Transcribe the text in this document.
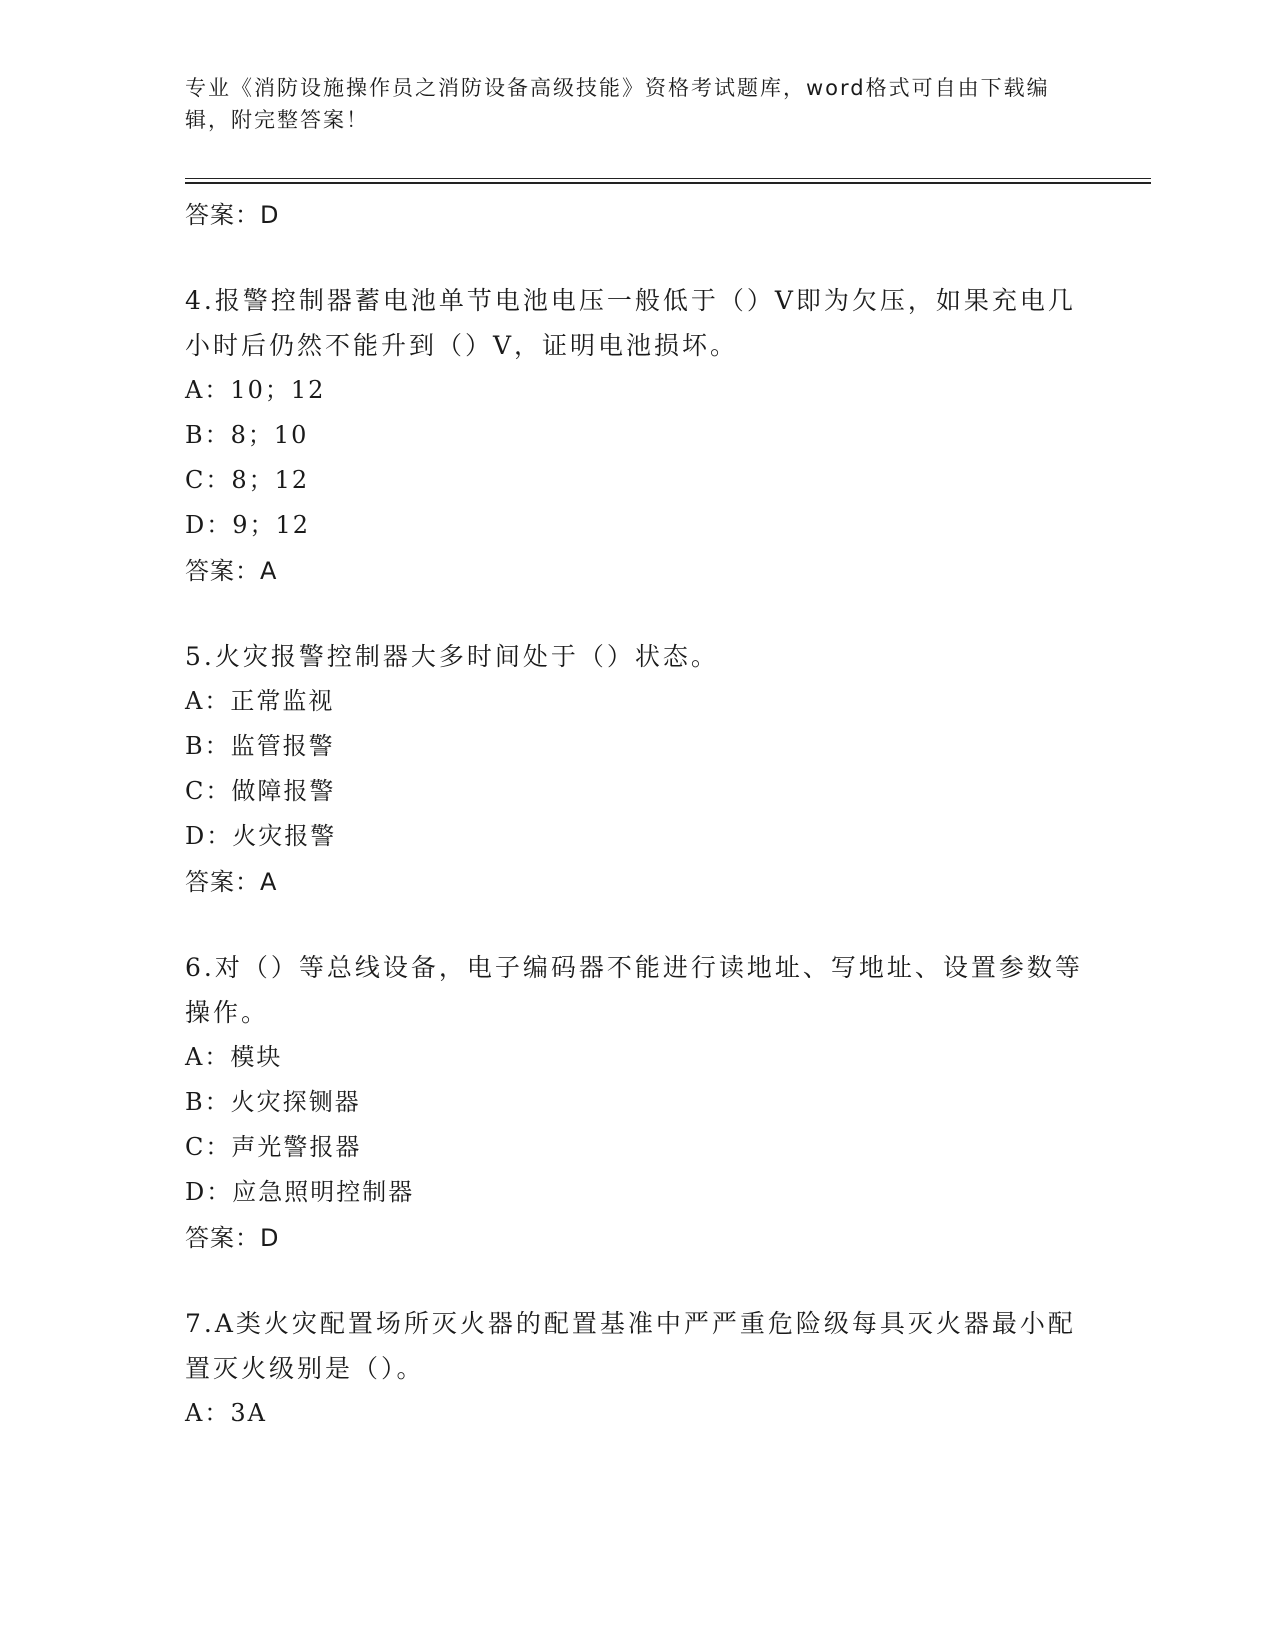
专业《消防设施操作员之消防设备高级技能》资格考试题库，word格式可自由下载编辑，附完整答案！
答案：D

4.报警控制器蓄电池单节电池电压一般低于（）V即为欠压，如果充电几小时后仍然不能升到（）V，证明电池损坏。

A：10；12
B：8；10
C：8；12
D：9；12
答案：A

5.火灾报警控制器大多时间处于（）状态。

A：正常监视
B：监管报警
C：做障报警
D：火灾报警
答案：A

6.对（）等总线设备，电子编码器不能进行读地址、写地址、设置参数等操作。

A：模块
B：火灾探铡器
C：声光警报器
D：应急照明控制器
答案：D

7.A类火灾配置场所灭火器的配置基准中严严重危险级每具灭火器最小配置灭火级别是（）。

A：3A
